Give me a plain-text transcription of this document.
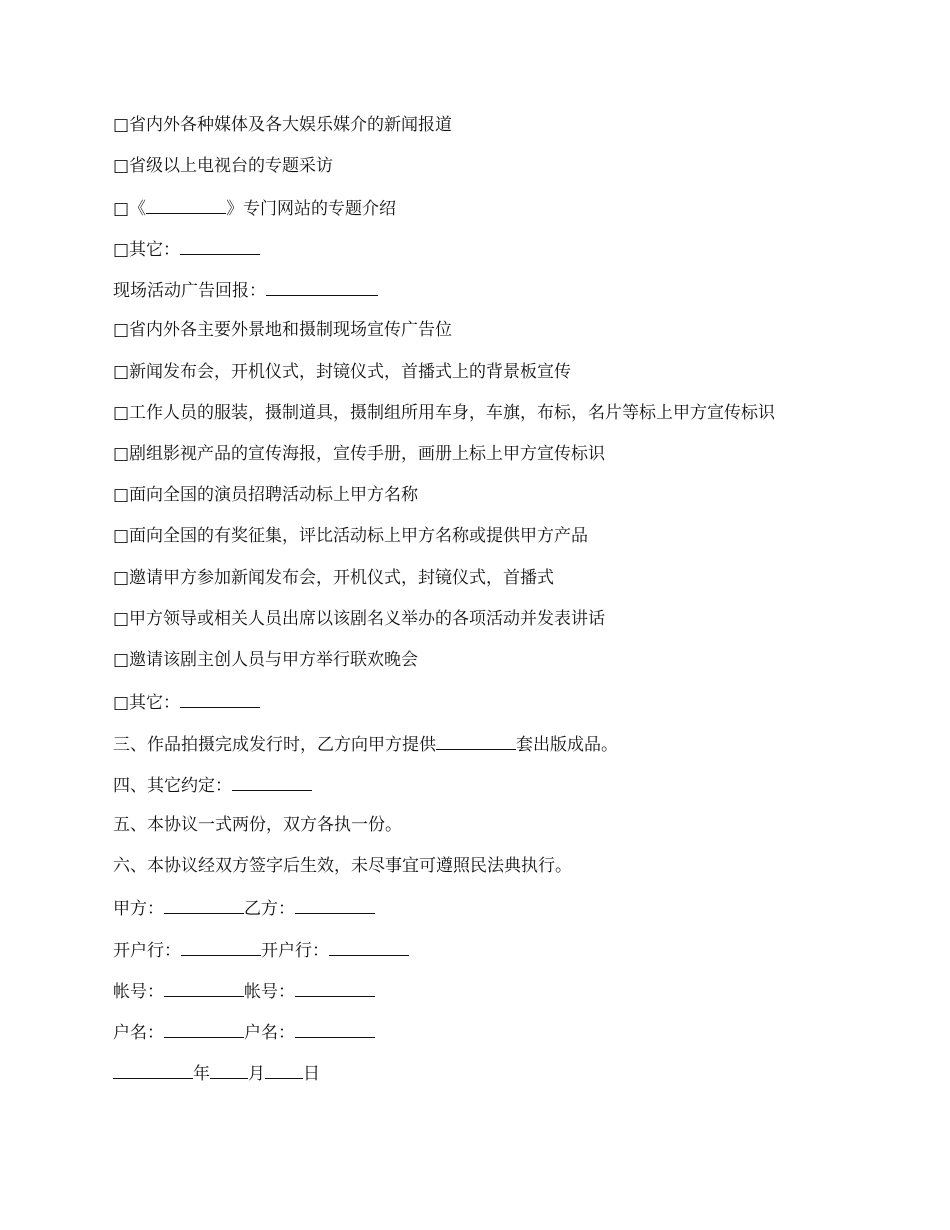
□省内外各种媒体及各大娱乐媒介的新闻报道
□省级以上电视台的专题采访
□《	》专门网站的专题介绍
□其它：
现场活动广告回报：
□省内外各主要外景地和摄制现场宣传广告位
□新闻发布会，开机仪式，封镜仪式，首播式上的背景板宣传
□工作人员的服装，摄制道具，摄制组所用车身，车旗，布标，名片等标上甲方宣传标识
□剧组影视产品的宣传海报，宣传手册，画册上标上甲方宣传标识
□面向全国的演员招聘活动标上甲方名称
□面向全国的有奖征集，评比活动标上甲方名称或提供甲方产品
□邀请甲方参加新闻发布会，开机仪式，封镜仪式，首播式
□甲方领导或相关人员出席以该剧名义举办的各项活动并发表讲话
□邀请该剧主创人员与甲方举行联欢晚会
□其它：
三、作品拍摄完成发行时，乙方向甲方提供	套出版成品。
四、其它约定：
五、本协议一式两份，双方各执一份。
六、本协议经双方签字后生效，未尽事宜可遵照民法典执行。
甲方：	乙方：
开户行：	开户行：
帐号：	帐号：
户名：	户名：
年 月 日
